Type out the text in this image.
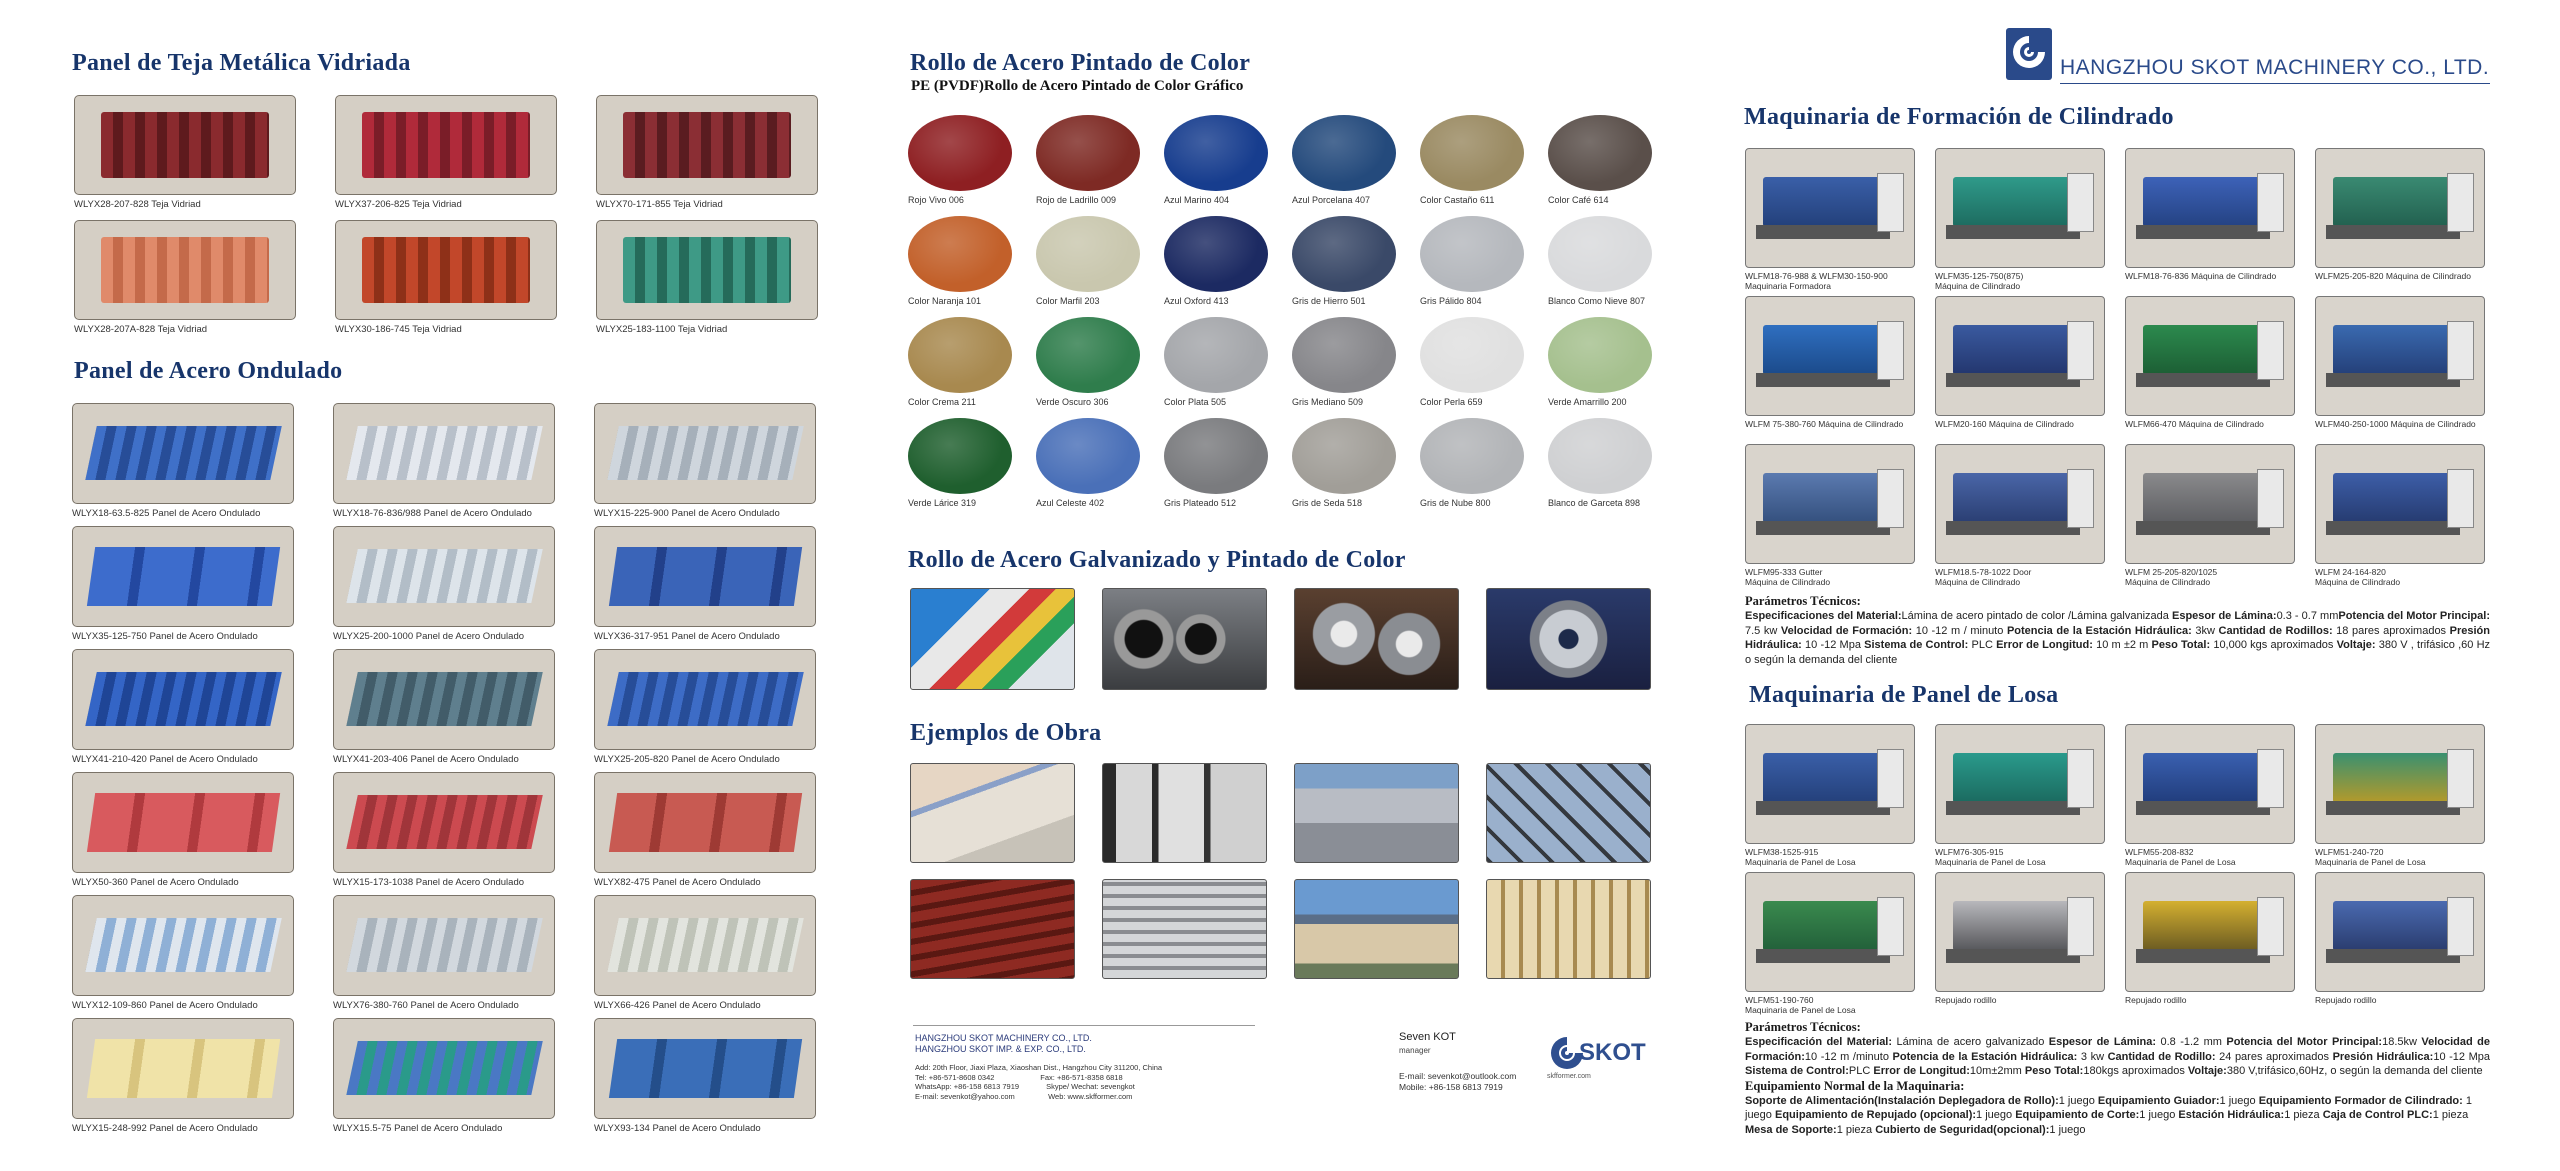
Panel de Teja Metálica Vidriada
WLYX28-207-828 Teja Vidriad	WLYX37-206-825 Teja Vidriad	WLYX70-171-855 Teja Vidriad
WLYX28-207A-828 Teja Vidriad	WLYX30-186-745 Teja Vidriad	WLYX25-183-1100 Teja Vidriad
Panel de Acero Ondulado
WLYX18-63.5-825 Panel de Acero Ondulado	WLYX18-76-836/988 Panel de Acero Ondulado	WLYX15-225-900 Panel de Acero Ondulado
WLYX35-125-750 Panel de Acero Ondulado	WLYX25-200-1000 Panel de Acero Ondulado	WLYX36-317-951 Panel de Acero Ondulado
WLYX41-210-420 Panel de Acero Ondulado	WLYX41-203-406 Panel de Acero Ondulado	WLYX25-205-820 Panel de Acero Ondulado
WLYX50-360 Panel de Acero Ondulado	WLYX15-173-1038 Panel de Acero Ondulado	WLYX82-475 Panel de Acero Ondulado
WLYX12-109-860 Panel de Acero Ondulado	WLYX76-380-760 Panel de Acero Ondulado	WLYX66-426 Panel de Acero Ondulado
WLYX15-248-992 Panel de Acero Ondulado	WLYX15.5-75 Panel de Acero Ondulado	WLYX93-134 Panel de Acero Ondulado
Rollo de Acero Pintado de Color
PE (PVDF)Rollo de Acero Pintado de Color Gráfico
Rojo Vivo 006	Rojo de Ladrillo 009	Azul Marino 404	Azul Porcelana 407	Color Castaño 611	Color Café 614
Color Naranja 101	Color Marfil 203	Azul Oxford 413	Gris de Hierro 501	Gris Pálido 804	Blanco Como Nieve 807
Color Crema 211	Verde Oscuro 306	Color Plata 505	Gris Mediano 509	Color Perla 659	Verde Amarrillo 200
Verde Lárice 319	Azul Celeste 402	Gris Plateado 512	Gris de Seda 518	Gris de Nube 800	Blanco de Garceta 898
Rollo de Acero Galvanizado y Pintado de Color
Ejemplos de Obra
HANGZHOU SKOT MACHINERY CO., LTD.
HANGZHOU SKOT IMP. & EXP. CO., LTD.
Add: 20th Floor, Jiaxi Plaza, Xiaoshan Dist., Hangzhou City 311200, China
Tel: +86-571-8608 0342                      Fax: +86-571-8358 6818
WhatsApp: +86-158 6813 7919             Skype/ Wechat: sevengkot
E-mail: sevenkot@yahoo.com                Web: www.skfformer.com
Seven KOT
manager
E-mail: sevenkot@outlook.com
Mobile: +86-158 6813 7919
SKOT
skfformer.com
HANGZHOU SKOT MACHINERY CO., LTD.
Maquinaria de Formación de Cilindrado
WLFM18-76-988 & WLFM30-150-900
Maquinaria Formadora
WLFM35-125-750(875)
Máquina de Cilindrado
WLFM18-76-836 Máquina de Cilindrado	WLFM25-205-820 Máquina de Cilindrado
WLFM 75-380-760 Máquina de Cilindrado	WLFM20-160 Máquina de Cilindrado	WLFM66-470 Máquina de Cilindrado	WLFM40-250-1000 Máquina de Cilindrado
WLFM95-333 Gutter
Máquina de Cilindrado
WLFM18.5-78-1022 Door
Máquina de Cilindrado
WLFM 25-205-820/1025
Máquina de Cilindrado
WLFM 24-164-820
Máquina de Cilindrado
Parámetros Técnicos:
Especificaciones del Material:Lámina de acero pintado de color /Lámina galvanizada Espesor de Lámina:0.3 - 0.7 mmPotencia del Motor Principal: 7.5 kw Velocidad de Formación: 10 -12 m / minuto Potencia de la Estación Hidráulica: 3kw Cantidad de Rodillos: 18 pares aproximados Presión Hidráulica: 10 -12 Mpa Sistema de Control: PLC Error de Longitud: 10 m ±2 m Peso Total: 10,000 kgs aproximados Voltaje: 380 V , trifásico ,60 Hz o según la demanda del cliente
Maquinaria de Panel de Losa
WLFM38-1525-915
Maquinaria de Panel de Losa
WLFM76-305-915
Maquinaria de Panel de Losa
WLFM55-208-832
Maquinaria de Panel de Losa
WLFM51-240-720
Maquinaria de Panel de Losa
WLFM51-190-760
Maquinaria de Panel de Losa
Repujado rodillo	Repujado rodillo	Repujado rodillo
Parámetros Técnicos:
Especificación del Material: Lámina de acero galvanizado Espesor de Lámina: 0.8 -1.2 mm Potencia del Motor Principal:18.5kw Velocidad de Formación:10 -12 m /minuto Potencia de la Estación Hidráulica: 3 kw Cantidad de Rodillo: 24 pares aproximados Presión Hidráulica:10 -12 Mpa Sistema de Control:PLC Error de Longitud:10m±2mm Peso Total:180kgs aproximados Voltaje:380 V,trifásico,60Hz, o según la demanda del cliente
Equipamiento Normal de la Maquinaria:
Soporte de Alimentación(Instalación Deplegadora de Rollo):1 juego Equipamiento Guiador:1 juego Equipamiento Formador de Cilindrado: 1 juego Equipamiento de Repujado (opcional):1 juego Equipamiento de Corte:1 juego Estación Hidráulica:1 pieza Caja de Control PLC:1 pieza Mesa de Soporte:1 pieza Cubierto de Seguridad(opcional):1 juego
